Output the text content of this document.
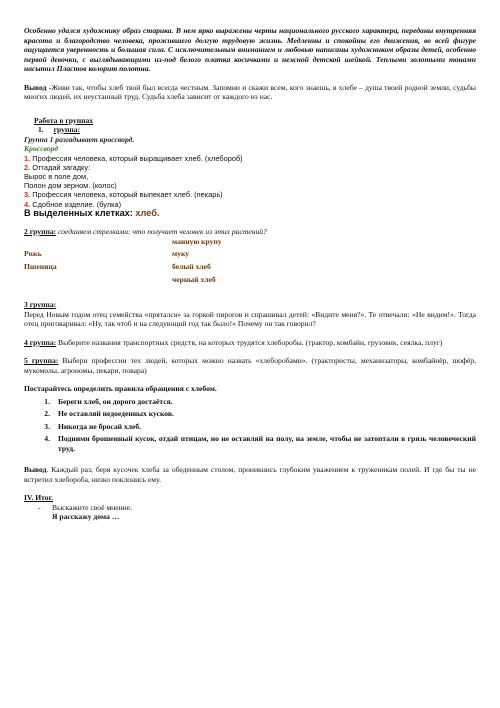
Особенно удался художнику образ старика. В нем ярко выражены черты национального русского характера, переданы внутренняя красота и благородство человека, прожившего долгую трудовую жизнь. Медленны и спокойны его движения, во всей фигуре ощущается уверенность и большая сила. С исключительным вниманием и любовью написаны художником образы детей, особенно первой девочки, с выглядывающими из-под белого платка косичками и нежной детской шейкой. Теплыми золотыми тонами насытил Пластов колорит полотна.
Вывод -Живи так, чтобы хлеб твой был всегда честным. Запомни и скажи всем, кого знаешь, в хлебе – душа твоей родной земли, судьбы многих людей, их неустанный труд. Судьба хлеба зависит от каждого из нас.
Работа в группах
1. группа:
Группа 1 разгадывает кроссворд.
Кроссворд
1. Профессия человека, который выращивает хлеб. (хлебороб)
2. Отгадай загадку:
Вырос в поле дом,
Полон дом зерном. (колос)
3. Профессия человека, который выпекает хлеб. (пекарь)
4. Сдобное изделие. (булка)
В выделенных клетках: хлеб.
2 группа: соединяем стрелками: что получает человек из этих растений?
манную крупу
Рожь	муку
Пшеница	белый хлеб
черный хлеб
3 группа:
Перед Новым годом отец семейства «прятался» за горкой пирогов и спрашивал детей: «Видите меня?». Те отвечали: «Не видим!». Тогда отец приговаривал: «Ну, так чтоб и на следующий год так было!» Почему он так говорил?
4 группа: Выберите названия транспортных средств, на которых трудятся хлеборобы. (трактор, комбайн, грузовик, сеялка, плуг)
5 группа: Выбери профессии тех людей, которых можно назвать «хлеборобами». (трактористы, механизаторы, комбайнёр, шофёр, мукомолы, агрономы, пекари, повара)
Постарайтесь определить правила обращения с хлебом.
1.	Береги хлеб, он дорого достаётся.
2.	Не оставляй недоеденных кусков.
3.	Никогда не бросай хлеб.
4.	Подними брошенный кусок, отдай птицам, но не оставляй на полу, на земле, чтобы не затоптали в грязь человеческий труд.
Вывод. Каждый раз, беря кусочек хлеба за обеденным столом, проникнись глубоким уважением к труженикам полей. И где бы ты не встретил хлебороба, низко поклонись ему.
IV. Итог.
- Выскажите своё мнение.
Я расскажу дома …
